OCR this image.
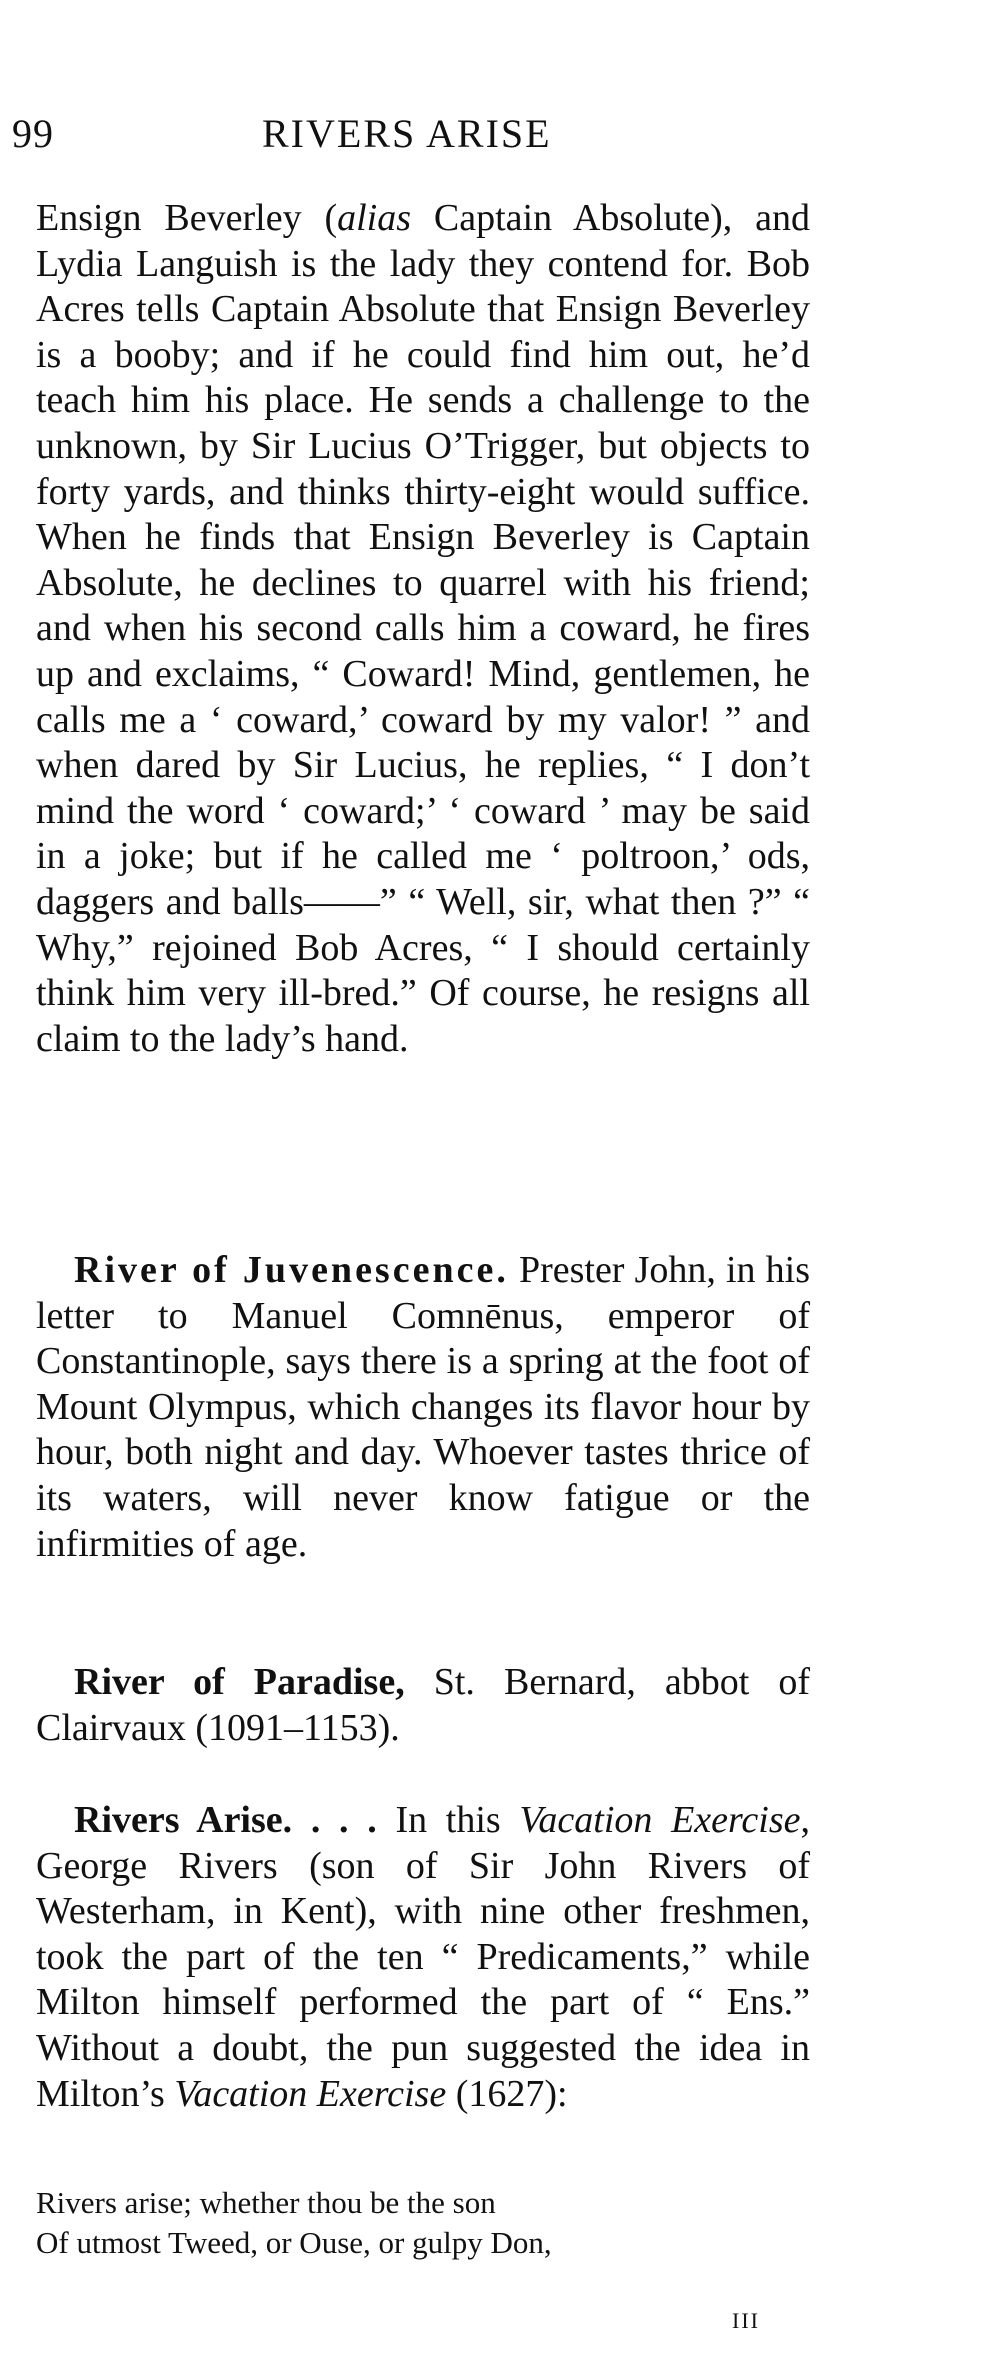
99	RIVERS ARISE

Ensign Beverley (alias Captain Absolute), and Lydia Languish is the lady they contend for. Bob Acres tells Captain Absolute that Ensign Beverley is a booby; and if he could find him out, he’d teach him his place. He sends a challenge to the unknown, by Sir Lucius O’Trigger, but objects to forty yards, and thinks thirty-eight would suffice. When he finds that Ensign Beverley is Captain Absolute, he declines to quarrel with his friend; and when his second calls him a coward, he fires up and exclaims, “ Coward! Mind, gentlemen, he calls me a ‘ coward,’ coward by my valor! ” and when dared by Sir Lucius, he replies, “ I don’t mind the word ‘ coward;’ ‘ coward ’ may be said in a joke; but if he called me ‘ poltroon,’ ods, daggers and balls——” “ Well, sir, what then ?” “ Why,” rejoined Bob Acres, “ I should certainly think him very ill-bred.” Of course, he resigns all claim to the lady’s hand.

River of Juvenescence. Prester John, in his letter to Manuel Comnēnus, emperor of Constantinople, says there is a spring at the foot of Mount Olympus, which changes its flavor hour by hour, both night and day. Whoever tastes thrice of its waters, will never know fatigue or the infirmities of age.

River of Paradise, St. Bernard, abbot of Clairvaux (1091–1153).

Rivers Arise. . . . In this Vacation Exercise, George Rivers (son of Sir John Rivers of Westerham, in Kent), with nine other freshmen, took the part of the ten “ Predicaments,” while Milton himself performed the part of “ Ens.” Without a doubt, the pun suggested the idea in Milton’s Vacation Exercise (1627):

Rivers arise; whether thou be the son
Of utmost Tweed, or Ouse, or gulpy Don,
III
